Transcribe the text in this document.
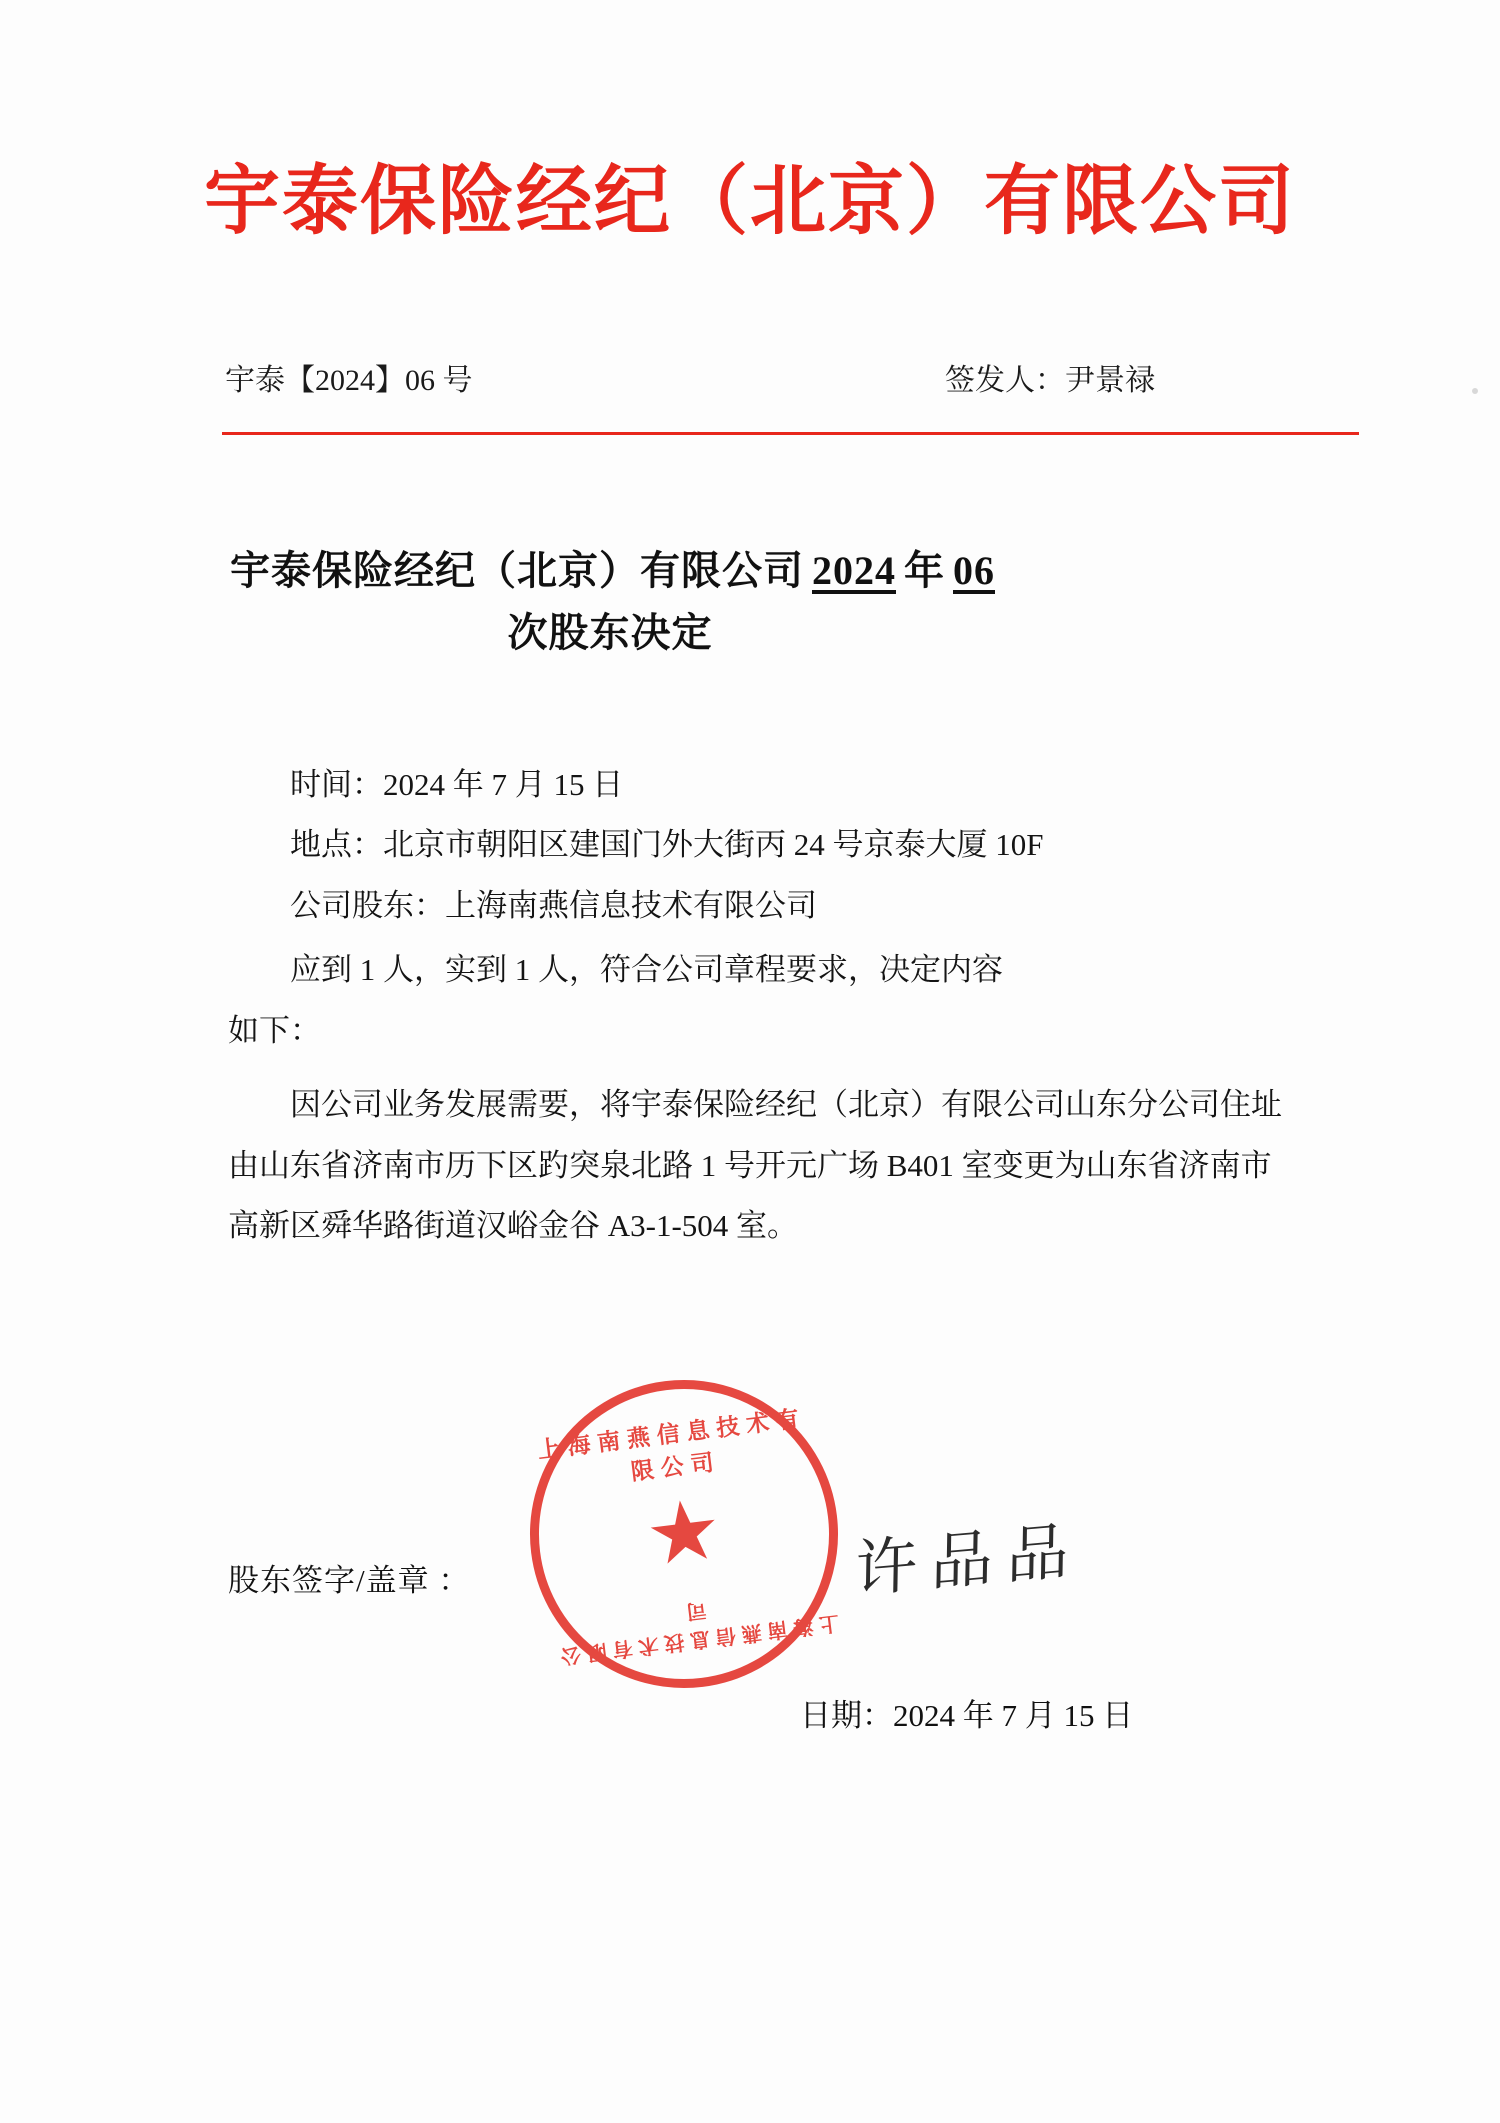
宇泰保险经纪（北京）有限公司
宇泰【2024】06 号	签发人：尹景禄
宇泰保险经纪（北京）有限公司 2024 年 06
次股东决定
时间：2024 年 7 月 15 日
地点：北京市朝阳区建国门外大街丙 24 号京泰大厦 10F
公司股东：上海南燕信息技术有限公司
应到 1 人，实到 1 人，符合公司章程要求，决定内容
如下：
因公司业务发展需要，将宇泰保险经纪（北京）有限公司山东分公司住址由山东省济南市历下区趵突泉北路 1 号开元广场 B401 室变更为山东省济南市高新区舜华路街道汉峪金谷 A3-1-504 室。
上海南燕信息技术有限公司
★
上海南燕信息技术有限公司
股东签字/盖章 ：	许品品
日期：2024 年 7 月 15 日
